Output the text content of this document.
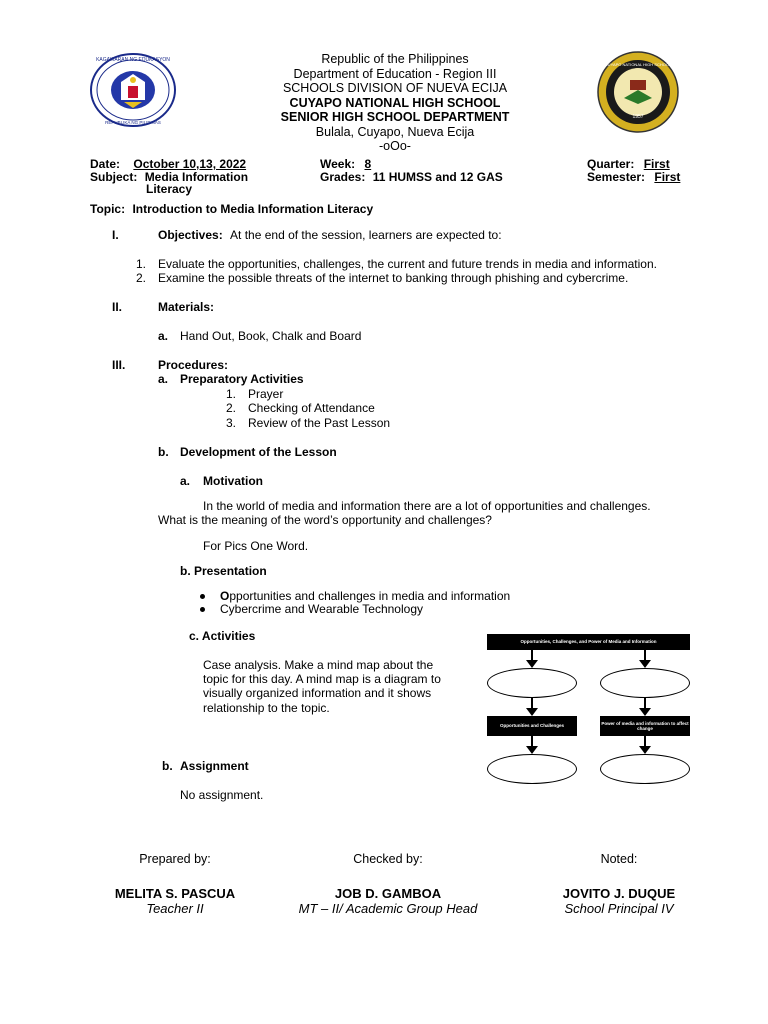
KAGAWARAN NG EDUKASYON
REPUBLIKA NG PILIPINAS
1957
CUYAPO NATIONAL HIGH SCHOOL
Republic of the Philippines
Department of Education - Region III
SCHOOLS DIVISION OF NUEVA ECIJA
CUYAPO NATIONAL HIGH SCHOOL
SENIOR HIGH SCHOOL DEPARTMENT
Bulala, Cuyapo, Nueva Ecija
-oOo-
Date: October 10,13, 2022
Subject: Media Information
Literacy
Week: 8
Grades: 11 HUMSS and 12 GAS
Quarter: First
Semester: First
Topic: Introduction to Media Information Literacy
I.	Objectives: At the end of the session, learners are expected to:
1. Evaluate the opportunities, challenges, the current and future trends in media and information.
2. Examine the possible threats of the internet to banking through phishing and cybercrime.
II.	Materials:
a. Hand Out, Book, Chalk and Board
III.	Procedures:
a. Preparatory Activities
1. Prayer
2. Checking of Attendance
3. Review of the Past Lesson
b. Development of the Lesson
a. Motivation
In the world of media and information there are a lot of opportunities and challenges.
What is the meaning of the word’s opportunity and challenges?
For Pics One Word.
b. Presentation
Opportunities and challenges in media and information
Cybercrime and Wearable Technology
c. Activities
Case analysis. Make a mind map about the
topic for this day. A mind map is a diagram to
visually organized information and it shows
relationship to the topic.
Opportunities, Challenges, and Power of Media and Information
Opportunities and Challenges
Power of media and information to affect change
b. Assignment
No assignment.
Prepared by:
MELITA S. PASCUA
Teacher II
Checked by:
JOB D. GAMBOA
MT – II/ Academic Group Head
Noted:
JOVITO J. DUQUE
School Principal IV
